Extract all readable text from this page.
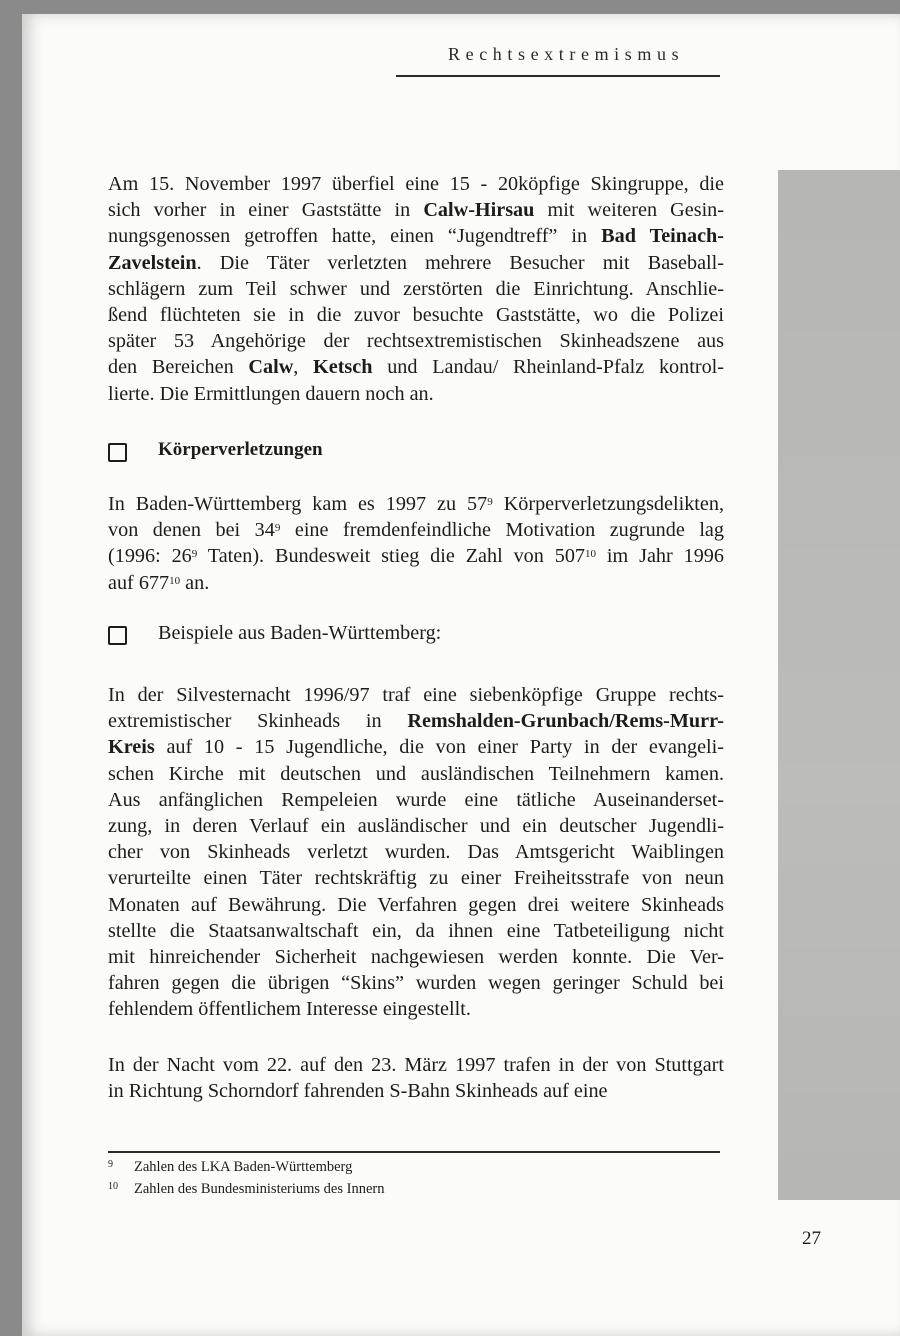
Rechtsextremismus
Am 15. November 1997 überfiel eine 15 - 20köpfige Skingruppe, die
sich vorher in einer Gaststätte in Calw-Hirsau mit weiteren Gesin-
nungsgenossen getroffen hatte, einen “Jugendtreff” in Bad Teinach-
Zavelstein. Die Täter verletzten mehrere Besucher mit Baseball-
schlägern zum Teil schwer und zerstörten die Einrichtung. Anschlie-
ßend flüchteten sie in die zuvor besuchte Gaststätte, wo die Polizei
später 53 Angehörige der rechtsextremistischen Skinheadszene aus
den Bereichen Calw, Ketsch und Landau/ Rheinland-Pfalz kontrol-
lierte. Die Ermittlungen dauern noch an.
Körperverletzungen
In Baden-Württemberg kam es 1997 zu $57^9$ Körperverletzungsdelikten,
von denen bei $34^9$ eine fremdenfeindliche Motivation zugrunde lag
(1996: $26^9$ Taten). Bundesweit stieg die Zahl von $507^{10}$ im Jahr 1996
auf $677^{10}$ an.
Beispiele aus Baden-Württemberg:
In der Silvesternacht 1996/97 traf eine siebenköpfige Gruppe rechts-
extremistischer Skinheads in Remshalden-Grunbach/Rems-Murr-
Kreis auf 10 - 15 Jugendliche, die von einer Party in der evangeli-
schen Kirche mit deutschen und ausländischen Teilnehmern kamen.
Aus anfänglichen Rempeleien wurde eine tätliche Auseinanderset-
zung, in deren Verlauf ein ausländischer und ein deutscher Jugendli-
cher von Skinheads verletzt wurden. Das Amtsgericht Waiblingen
verurteilte einen Täter rechtskräftig zu einer Freiheitsstrafe von neun
Monaten auf Bewährung. Die Verfahren gegen drei weitere Skinheads
stellte die Staatsanwaltschaft ein, da ihnen eine Tatbeteiligung nicht
mit hinreichender Sicherheit nachgewiesen werden konnte. Die Ver-
fahren gegen die übrigen “Skins” wurden wegen geringer Schuld bei
fehlendem öffentlichem Interesse eingestellt.
In der Nacht vom 22. auf den 23. März 1997 trafen in der von Stuttgart
in Richtung Schorndorf fahrenden S-Bahn Skinheads auf eine
9 Zahlen des LKA Baden-Württemberg
10 Zahlen des Bundesministeriums des Innern
27
